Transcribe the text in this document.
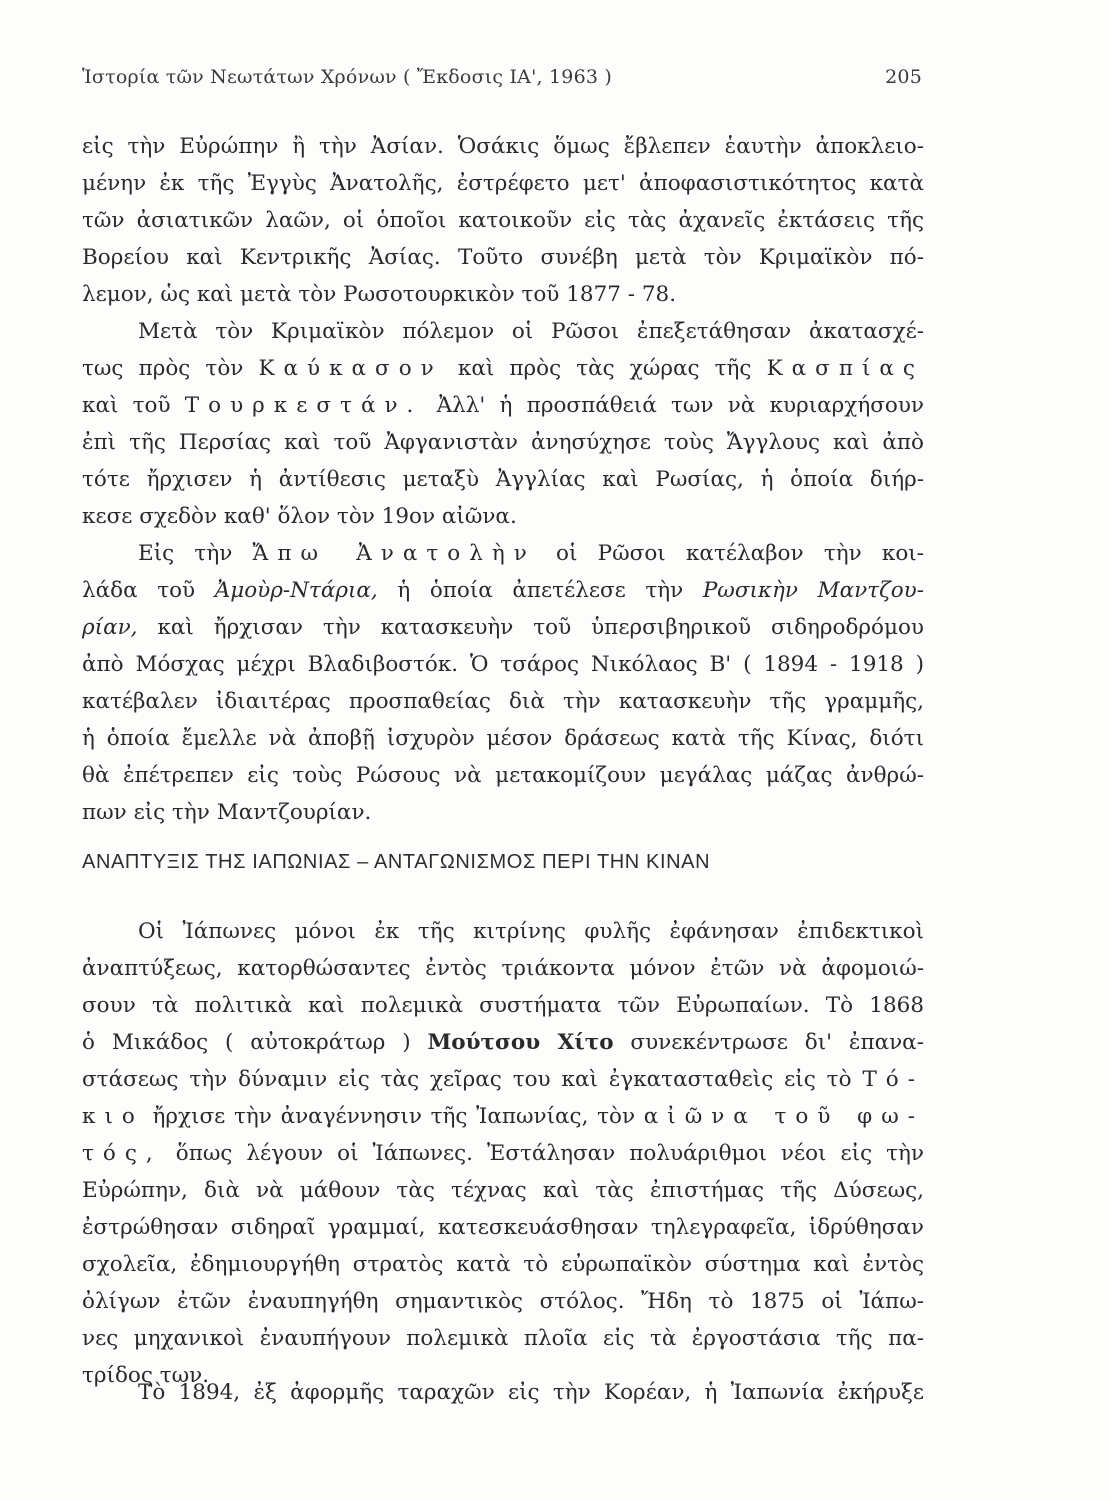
Ἱστορία τῶν Νεωτάτων Χρόνων ( Ἔκδοσις ΙΑ', 1963 )	205
εἰς τὴν Εὐρώπην ἢ τὴν Ἀσίαν. Ὁσάκις ὅμως ἔβλεπεν ἑαυτὴν ἀποκλειο-
μένην ἐκ τῆς Ἐγγὺς Ἀνατολῆς, ἐστρέφετο μετ' ἀποφασιστικότητος κατὰ
τῶν ἀσιατικῶν λαῶν, οἱ ὁποῖοι κατοικοῦν εἰς τὰς ἀχανεῖς ἐκτάσεις τῆς
Βορείου καὶ Κεντρικῆς Ἀσίας. Τοῦτο συνέβη μετὰ τὸν Κριμαϊκὸν πό-
λεμον, ὡς καὶ μετὰ τὸν Ρωσοτουρκικὸν τοῦ 1877 - 78.
Μετὰ τὸν Κριμαϊκὸν πόλεμον οἱ Ρῶσοι ἐπεξετάθησαν ἀκατασχέ-
τως πρὸς τὸν Καύκασον καὶ πρὸς τὰς χώρας τῆς Κασπίας
καὶ τοῦ Τουρκεστάν. Ἀλλ' ἡ προσπάθειά των νὰ κυριαρχήσουν
ἐπὶ τῆς Περσίας καὶ τοῦ Ἀφγανιστὰν ἀνησύχησε τοὺς Ἄγγλους καὶ ἀπὸ
τότε ἤρχισεν ἡ ἀντίθεσις μεταξὺ Ἀγγλίας καὶ Ρωσίας, ἡ ὁποία διήρ-
κεσε σχεδὸν καθ' ὅλον τὸν 19ον αἰῶνα.
Εἰς τὴν Ἄπω Ἀνατολὴν οἱ Ρῶσοι κατέλαβον τὴν κοι-
λάδα τοῦ Ἀμοὺρ-Ντάρια, ἡ ὁποία ἀπετέλεσε τὴν Ρωσικὴν Μαντζου-
ρίαν, καὶ ἤρχισαν τὴν κατασκευὴν τοῦ ὑπερσιβηρικοῦ σιδηροδρόμου
ἀπὸ Μόσχας μέχρι Βλαδιβοστόκ. Ὁ τσάρος Νικόλαος Β' ( 1894 - 1918 )
κατέβαλεν ἰδιαιτέρας προσπαθείας διὰ τὴν κατασκευὴν τῆς γραμμῆς,
ἡ ὁποία ἔμελλε νὰ ἀποβῇ ἰσχυρὸν μέσον δράσεως κατὰ τῆς Κίνας, διότι
θὰ ἐπέτρεπεν εἰς τοὺς Ρώσους νὰ μετακομίζουν μεγάλας μάζας ἀνθρώ-
πων εἰς τὴν Μαντζουρίαν.
ΑΝΑΠΤΥΞΙΣ ΤΗΣ ΙΑΠΩΝΙΑΣ – ΑΝΤΑΓΩΝΙΣΜΟΣ ΠΕΡΙ ΤΗΝ ΚΙΝΑΝ
Οἱ Ἰάπωνες μόνοι ἐκ τῆς κιτρίνης φυλῆς ἐφάνησαν ἐπιδεκτικοὶ
ἀναπτύξεως, κατορθώσαντες ἐντὸς τριάκοντα μόνον ἐτῶν νὰ ἀφομοιώ-
σουν τὰ πολιτικὰ καὶ πολεμικὰ συστήματα τῶν Εὐρωπαίων. Τὸ 1868
ὁ Μικάδος ( αὐτοκράτωρ ) Μούτσου Χίτο συνεκέντρωσε δι' ἐπανα-
στάσεως τὴν δύναμιν εἰς τὰς χεῖρας του καὶ ἐγκατασταθεὶς εἰς τὸ Τό-
κιο ἤρχισε τὴν ἀναγέννησιν τῆς Ἰαπωνίας, τὸν αἰῶνα τοῦ φω-
τός, ὅπως λέγουν οἱ Ἰάπωνες. Ἐστάλησαν πολυάριθμοι νέοι εἰς τὴν
Εὐρώπην, διὰ νὰ μάθουν τὰς τέχνας καὶ τὰς ἐπιστήμας τῆς Δύσεως,
ἐστρώθησαν σιδηραῖ γραμμαί, κατεσκευάσθησαν τηλεγραφεῖα, ἱδρύθησαν
σχολεῖα, ἐδημιουργήθη στρατὸς κατὰ τὸ εὐρωπαϊκὸν σύστημα καὶ ἐντὸς
ὀλίγων ἐτῶν ἐναυπηγήθη σημαντικὸς στόλος. Ἤδη τὸ 1875 οἱ Ἰάπω-
νες μηχανικοὶ ἐναυπήγουν πολεμικὰ πλοῖα εἰς τὰ ἐργοστάσια τῆς πα-
τρίδος των.
Τὸ 1894, ἐξ ἀφορμῆς ταραχῶν εἰς τὴν Κορέαν, ἡ Ἰαπωνία ἐκήρυξε
